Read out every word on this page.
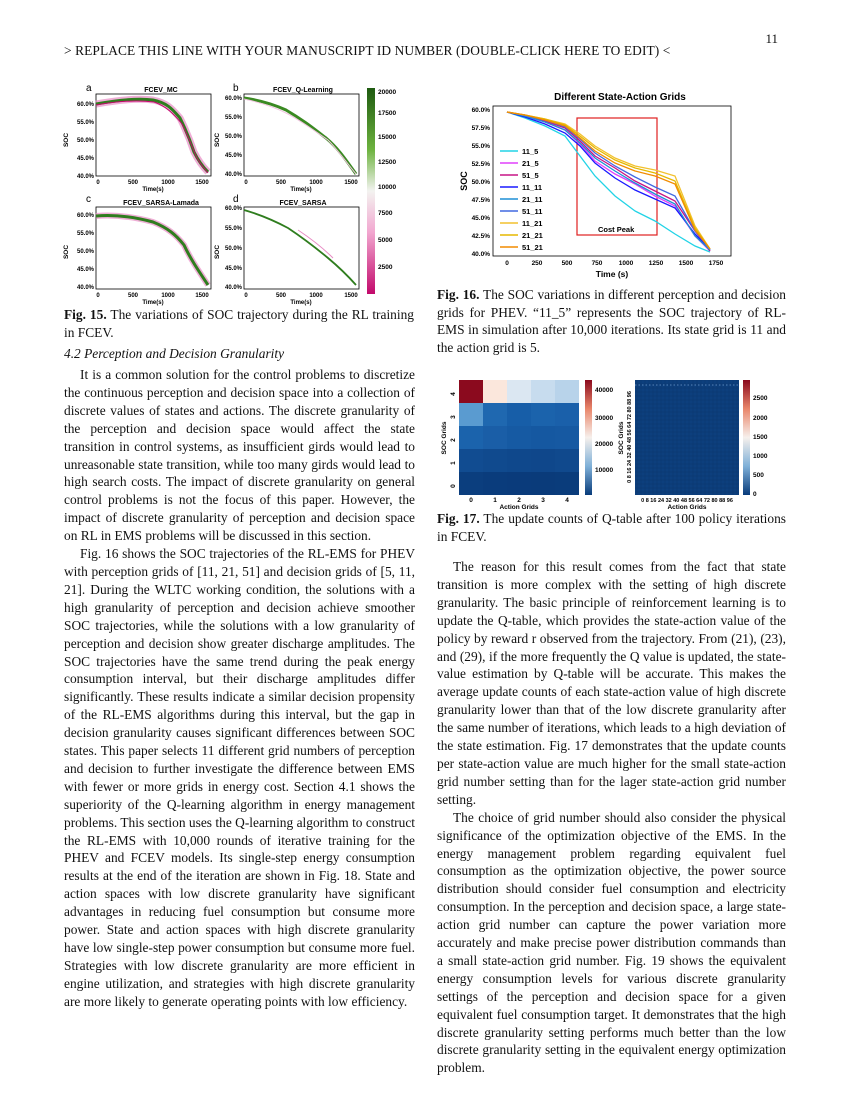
11
> REPLACE THIS LINE WITH YOUR MANUSCRIPT ID NUMBER (DOUBLE-CLICK HERE TO EDIT) <
a	FCEV_MC	b	FCEV_Q-Learning
c	FCEV_SARSA-Lamada	d	FCEV_SARSA
60.0%
55.0%
50.0%
45.0%
40.0%
60.0%
55.0%
50.0%
45.0%
40.0%
60.0%
55.0%
50.0%
45.0%
40.0%
60.0%
55.0%
50.0%
45.0%
40.0%
SOC
SOC
SOC
SOC
0	500	1000	1500
Time(s)
0	500	1000	1500
Time(s)
0	500	1000	1500
Time(s)
0	500	1000	1500
Time(s)
20000
17500
15000
12500
10000
7500
5000
2500
Fig. 15. The variations of SOC trajectory during the RL training in FCEV.
4.2 Perception and Decision Granularity

It is a common solution for the control problems to discretize the continuous perception and decision space into a collection of discrete values of states and actions. The discrete granularity of the perception and decision space would affect the state transition in control systems, as insufficient girds would lead to unreasonable state transition, while too many girds would lead to high search costs. The impact of discrete granularity on general control problems is not the focus of this paper. However, the impact of discrete granularity of perception and decision space on RL in EMS problems will be discussed in this section.

Fig. 16 shows the SOC trajectories of the RL-EMS for PHEV with perception grids of [11, 21, 51] and decision grids of [5, 11, 21]. During the WLTC working condition, the solutions with a high granularity of perception and decision achieve smoother SOC trajectories, while the solutions with a low granularity of perception and decision show greater discharge amplitudes. The SOC trajectories have the same trend during the peak energy consumption interval, but their discharge amplitudes differ significantly. These results indicate a similar decision propensity of the RL-EMS algorithms during this interval, but the gap in decision granularity causes significant differences between SOC states. This paper selects 11 different grid numbers of perception and decision to further investigate the difference between EMS with fewer or more grids in energy cost. Section 4.1 shows the superiority of the Q-learning algorithm in energy management problems. This section uses the Q-learning algorithm to construct the RL-EMS with 10,000 rounds of iterative training for the PHEV and FCEV models. Its single-step energy consumption results at the end of the iteration are shown in Fig. 18. State and action spaces with low discrete granularity have significant advantages in reducing fuel consumption but consume more power. State and action spaces with high discrete granularity have low single-step power consumption but consume more fuel. Strategies with low discrete granularity are more efficient in engine utilization, and strategies with high discrete granularity are more likely to generate operating points with low efficiency.

Different State-Action Grids
Cost Peak
11_5
21_5
51_5
11_11
21_11
51_11
11_21
21_21
51_21
60.0%
57.5%
55.0%
52.5%
50.0%
47.5%
45.0%
42.5%
40.0%
SOC
0	250	500	750	1000 1250 1500 1750
Time (s)
Fig. 16. The SOC variations in different perception and decision grids for PHEV. “11_5” represents the SOC trajectory of RL-EMS in simulation after 10,000 iterations. Its state grid is 11 and the action grid is 5.
0	1	2	3	4
Action Grids
0
1
2
3
4
SOC Grids
40000
30000
20000
10000
0 8 16 24 32 40 48 56 64 72 80 88 96
Action Grids
0 8 16 24 32 40 48 56 64 72 80 88 96
SOC Grids
2500
2000
1500
1000
500
0
Fig. 17. The update counts of Q-table after 100 policy iterations in FCEV.

The reason for this result comes from the fact that state transition is more complex with the setting of high discrete granularity. The basic principle of reinforcement learning is to update the Q-table, which provides the state-action value of the policy by reward r observed from the trajectory. From (21), (23), and (29), if the more frequently the Q value is updated, the state-value estimation by Q-table will be accurate. This makes the average update counts of each state-action value of high discrete granularity lower than that of the low discrete granularity after the same number of iterations, which leads to a high deviation of the state estimation. Fig. 17 demonstrates that the update counts per state-action value are much higher for the small state-action grid number setting than for the lager state-action grid number setting.

The choice of grid number should also consider the physical significance of the optimization objective of the EMS. In the energy management problem regarding equivalent fuel consumption as the optimization objective, the power source distribution should consider fuel consumption and electricity consumption. In the perception and decision space, a large state-action grid number can capture the power variation more accurately and make precise power distribution commands than a small state-action grid number. Fig. 19 shows the equivalent energy consumption levels for various discrete granularity settings of the perception and decision space for a given equivalent fuel consumption target. It demonstrates that the high discrete granularity setting performs much better than the low discrete granularity setting in the equivalent energy optimization problem.
